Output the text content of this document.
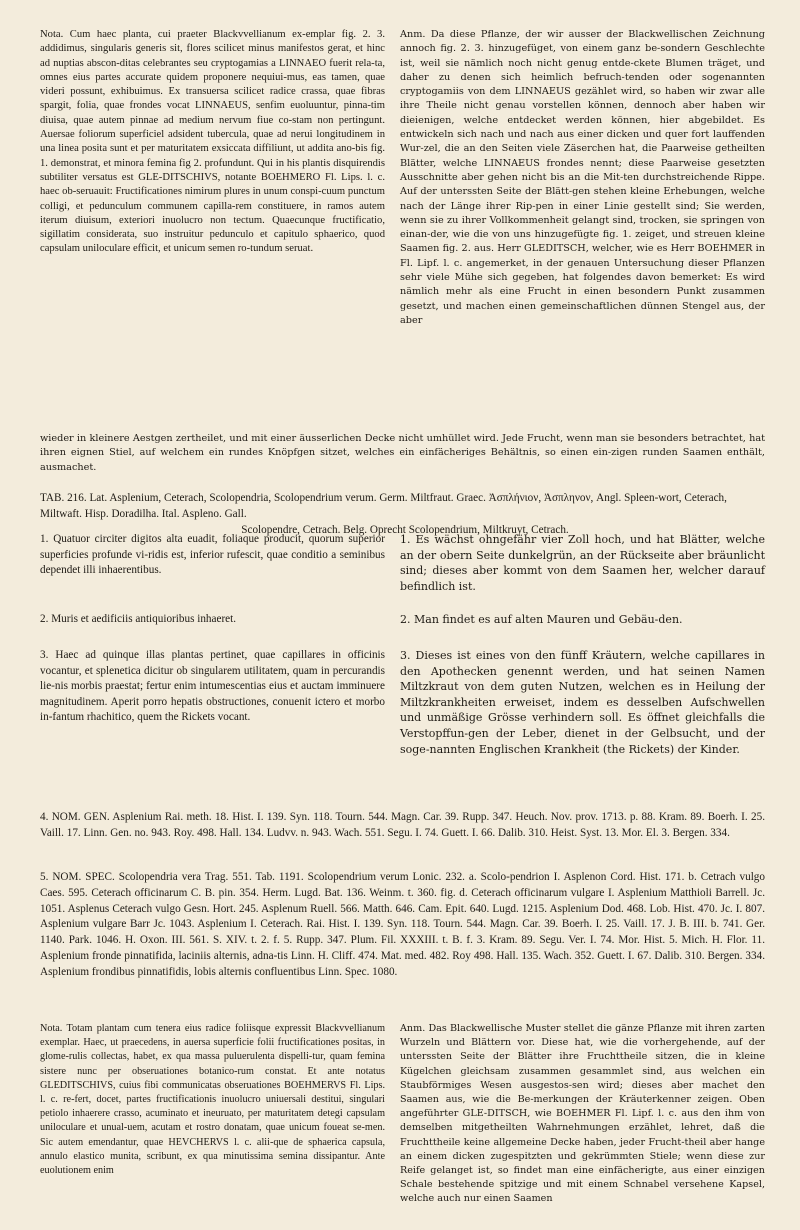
Nota. Cum haec planta, cui praeter Blackvvellianum ex-emplar fig. 2. 3. addidimus, singularis generis sit, flores scilicet minus manifestos gerat, et hinc ad nuptias abscon-ditas celebrantes seu cryptogamias a LINNAEO fuerit rela-ta, omnes eius partes accurate quidem proponere nequiui-mus, eas tamen, quae videri possunt, exhibuimus. Ex transuersa scilicet radice crassa, quae fibras spargit, folia, quae frondes vocat LINNAEUS, senfim euoluuntur, pinna-tim diuisa, quae autem pinnae ad medium nervum fiue co-stam non pertingunt. Auersae foliorum superficiel adsident tubercula, quae ad nerui longitudinem in una linea posita sunt et per maturitatem exsiccata diffiliunt, ut addita ano-bis fig. 1. demonstrat, et minora femina fig 2. profundunt. Qui in his plantis disquirendis subtiliter versatus est GLE-DITSCHIVS, notante BOEHMERO Fl. Lips. l. c. haec ob-seruauit: Fructificationes nimirum plures in unum conspi-cuum punctum colligi, et pedunculum communem capilla-rem constituere, in ramos autem iterum diuisum, exteriori inuolucro non tectum. Quaecunque fructificatio, sigillatim considerata, suo instruitur pedunculo et capitulo sphaerico, quod capsulam uniloculare efficit, et unicum semen ro-tundum seruat.
Anm. Da diese Pflanze, der wir ausser der Blackwellischen Zeichnung annoch fig. 2. 3. hinzugefüget, von einem ganz be-sondern Geschlechte ist, weil sie nämlich noch nicht genug entde-ckete Blumen träget, und daher zu denen sich heimlich befruch-tenden oder sogenannten cryptogamiis von dem LINNAEUS gezählet wird, so haben wir zwar alle ihre Theile nicht genau vorstellen können, dennoch aber haben wir dieienigen, welche entdecket werden können, hier abgebildet. Es entwickeln sich nach und nach aus einer dicken und quer fort lauffenden Wur-zel, die an den Seiten viele Zäserchen hat, die Paarweise getheilten Blätter, welche LINNAEUS frondes nennt; diese Paarweise gesetzten Ausschnitte aber gehen nicht bis an die Mit-ten durchstreichende Rippe. Auf der unterssten Seite der Blätt-gen stehen kleine Erhebungen, welche nach der Länge ihrer Rip-pen in einer Linie gestellt sind; Sie werden, wenn sie zu ihrer Vollkommenheit gelangt sind, trocken, sie springen von einan-der, wie die von uns hinzugefügte fig. 1. zeiget, und streuen kleine Saamen fig. 2. aus. Herr GLEDITSCH, welcher, wie es Herr BOEHMER in Fl. Lipf. l. c. angemerket, in der genauen Untersuchung dieser Pflanzen sehr viele Mühe sich gegeben, hat folgendes davon bemerket: Es wird nämlich mehr als eine Frucht in einen besondern Punkt zusammen gesetzt, und machen einen gemeinschaftlichen dünnen Stengel aus, der aber
wieder in kleinere Aestgen zertheilet, und mit einer äusserlichen Decke nicht umhüllet wird. Jede Frucht, wenn man sie besonders betrachtet, hat ihren eignen Stiel, auf welchem ein rundes Knöpfgen sitzet, welches ein einfächeriges Behältnis, so einen ein-zigen runden Saamen enthält, ausmachet.
TAB. 216. Lat. Asplenium, Ceterach, Scolopendria, Scolopendrium verum. Germ. Miltfraut. Graec. Ἀσπλήνιον, Ἀσπληνον, Angl. Spleen-wort, Ceterach, Miltwaft. Hisp. Doradilha. Ital. Aspleno. Gall.
Scolopendre, Cetrach. Belg. Oprecht Scolopendrium, Miltkruyt, Cetrach.
1. Quatuor circiter digitos alta euadit, foliaque producit, quorum superior superficies profunde vi-ridis est, inferior rufescit, quae conditio a seminibus dependet illi inhaerentibus.
1. Es wächst ohngefähr vier Zoll hoch, und hat Blätter, welche an der obern Seite dunkelgrün, an der Rückseite aber bräunlicht sind; dieses aber kommt von dem Saamen her, welcher darauf befindlich ist.
2. Muris et aedificiis antiquioribus inhaeret.	2. Man findet es auf alten Mauren und Gebäu-den.
3. Haec ad quinque illas plantas pertinet, quae capillares in officinis vocantur, et splenetica dicitur ob singularem utilitatem, quam in percurandis lie-nis morbis praestat; fertur enim intumescentias eius et auctam imminuere magnitudinem. Aperit porro hepatis obstructiones, conuenit ictero et morbo in-fantum rhachitico, quem the Rickets vocant.
3. Dieses ist eines von den fünff Kräutern, welche capillares in den Apothecken genennt werden, und hat seinen Namen Miltzkraut von dem guten Nutzen, welchen es in Heilung der Miltzkrankheiten erweiset, indem es desselben Aufschwellen und unmäßige Grösse verhindern soll. Es öffnet gleichfalls die Verstopffun-gen der Leber, dienet in der Gelbsucht, und der soge-nannten Englischen Krankheit (the Rickets) der Kinder.
4. NOM. GEN. Asplenium Rai. meth. 18. Hist. I. 139. Syn. 118. Tourn. 544. Magn. Car. 39. Rupp. 347. Heuch. Nov. prov. 1713. p. 88. Kram. 89. Boerh. I. 25. Vaill. 17. Linn. Gen. no. 943. Roy. 498. Hall. 134. Ludvv. n. 943. Wach. 551. Segu. I. 74. Guett. I. 66. Dalib. 310. Heist. Syst. 13. Mor. El. 3. Bergen. 334.
5. NOM. SPEC. Scolopendria vera Trag. 551. Tab. 1191. Scolopendrium verum Lonic. 232. a. Scolo-pendrion I. Asplenon Cord. Hist. 171. b. Cetrach vulgo Caes. 595. Ceterach officinarum C. B. pin. 354. Herm. Lugd. Bat. 136. Weinm. t. 360. fig. d. Ceterach officinarum vulgare I. Asplenium Matthioli Barrell. Jc. 1051. Asplenus Ceterach vulgo Gesn. Hort. 245. Asplenum Ruell. 566. Matth. 646. Cam. Epit. 640. Lugd. 1215. Asplenium Dod. 468. Lob. Hist. 470. Jc. I. 807. Asplenium vulgare Barr Jc. 1043. Asplenium I. Ceterach. Rai. Hist. I. 139. Syn. 118. Tourn. 544. Magn. Car. 39. Boerh. I. 25. Vaill. 17. J. B. III. b. 741. Ger. 1140. Park. 1046. H. Oxon. III. 561. S. XIV. t. 2. f. 5. Rupp. 347. Plum. Fil. XXXIII. t. B. f. 3. Kram. 89. Segu. Ver. I. 74. Mor. Hist. 5. Mich. H. Flor. 11. Asplenium fronde pinnatifida, laciniis alternis, adna-tis Linn. H. Cliff. 474. Mat. med. 482. Roy 498. Hall. 135. Wach. 352. Guett. I. 67. Dalib. 310. Bergen. 334. Asplenium frondibus pinnatifidis, lobis alternis confluentibus Linn. Spec. 1080.
Nota. Totam plantam cum tenera eius radice foliisque expressit Blackvvellianum exemplar. Haec, ut praecedens, in auersa superficie folii fructificationes positas, in glome-rulis collectas, habet, ex qua massa puluerulenta dispelli-tur, quam femina sistere nunc per obseruationes botanico-rum constat. Et ante notatus GLEDITSCHIVS, cuius fibi communicatas obseruationes BOEHMERVS Fl. Lips. l. c. re-fert, docet, partes fructificationis inuolucro uniuersali destitui, singulari petiolo inhaerere crasso, acuminato et ineuruato, per maturitatem detegi capsulam uniloculare et unual-uem, acutam et rostro donatam, quae unicum foueat se-men. Sic autem emendantur, quae HEVCHERVS l. c. alii-que de sphaerica capsula, annulo elastico munita, scribunt, ex qua minutissima semina dissipantur. Ante euolutionem enim
Anm. Das Blackwellische Muster stellet die gänze Pflanze mit ihren zarten Wurzeln und Blättern vor. Diese hat, wie die vorhergehende, auf der unterssten Seite der Blätter ihre Fruchttheile sitzen, die in kleine Kügelchen gleichsam zusammen gesammlet sind, aus welchen ein Staubförmiges Wesen ausgestos-sen wird; dieses aber machet den Saamen aus, wie die Be-merkungen der Kräuterkenner zeigen. Oben angeführter GLE-DITSCH, wie BOEHMER Fl. Lipf. l. c. aus den ihm von demselben mitgetheilten Wahrnehmungen erzählet, lehret, daß die Fruchttheile keine allgemeine Decke haben, jeder Frucht-theil aber hange an einem dicken zugespitzten und gekrümmten Stiele; wenn diese zur Reife gelanget ist, so findet man eine einfächerigte, aus einer einzigen Schale bestehende spitzige und mit einem Schnabel versehene Kapsel, welche auch nur einen Saamen
